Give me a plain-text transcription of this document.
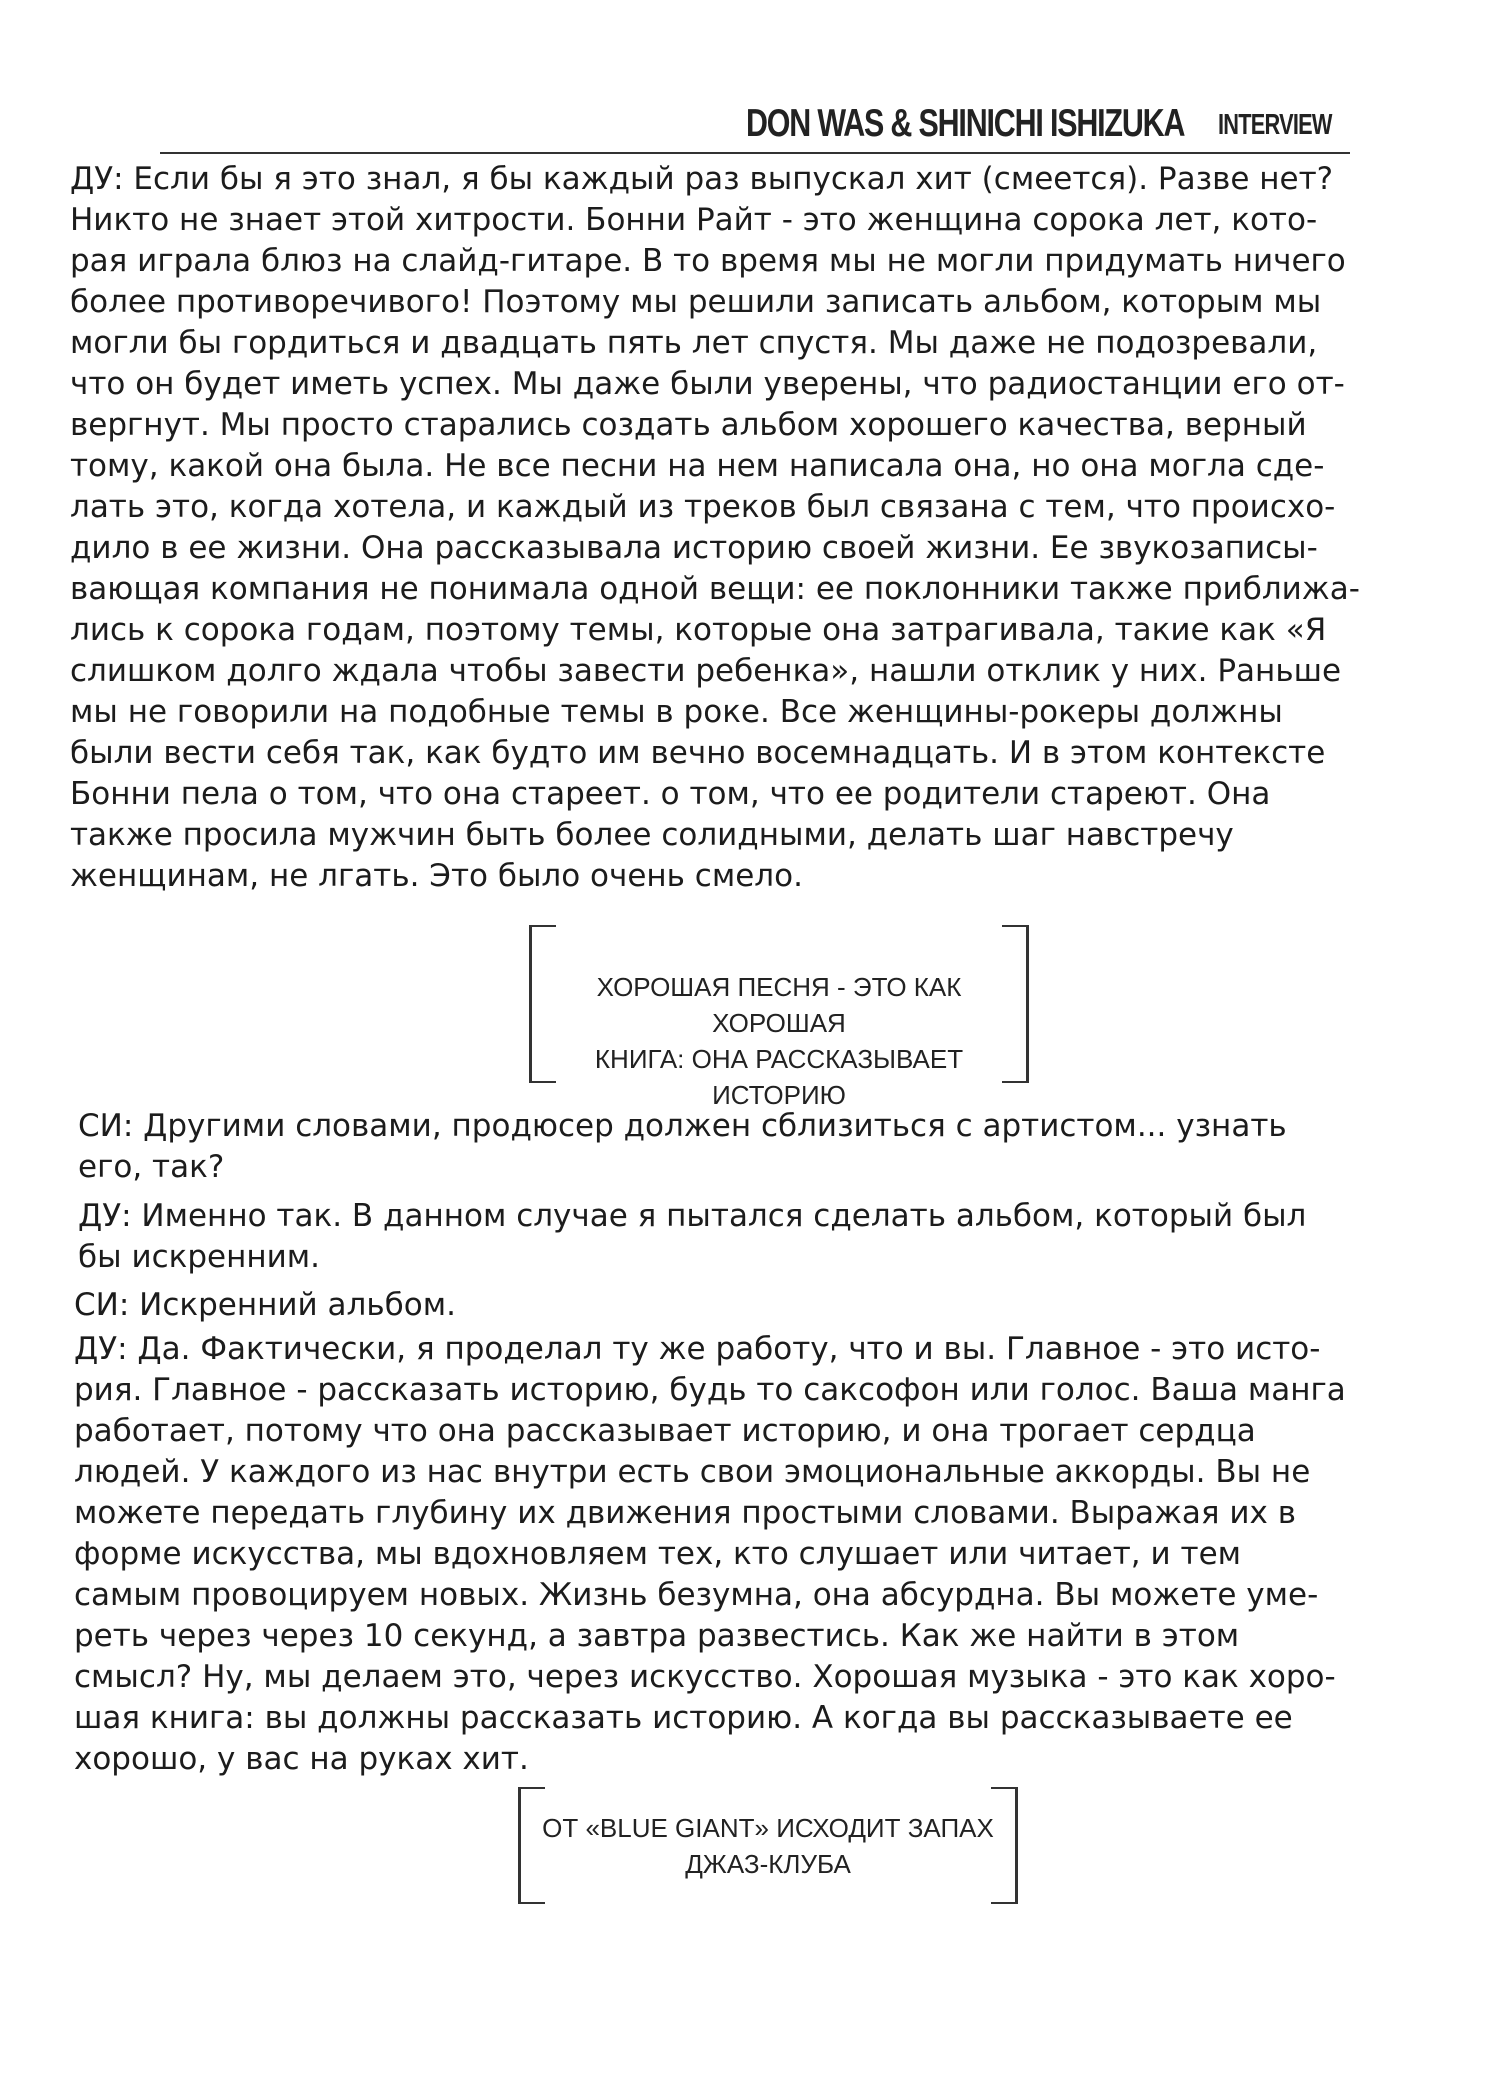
DON WAS & SHINICHI ISHIZUKA INTERVIEW

ДУ: Если бы я это знал, я бы каждый раз выпускал хит (смеется). Разве нет?
Никто не знает этой хитрости. Бонни Райт - это женщина сорока лет, кото-
рая играла блюз на слайд-гитаре. В то время мы не могли придумать ничего
более противоречивого! Поэтому мы решили записать альбом, которым мы
могли бы гордиться и двадцать пять лет спустя. Мы даже не подозревали,
что он будет иметь успех. Мы даже были уверены, что радиостанции его от-
вергнут. Мы просто старались создать альбом хорошего качества, верный
тому, какой она была. Не все песни на нем написала она, но она могла сде-
лать это, когда хотела, и каждый из треков был связана с тем, что происхо-
дило в ее жизни. Она рассказывала историю своей жизни. Ее звукозаписы-
вающая компания не понимала одной вещи: ее поклонники также приближа-
лись к сорока годам, поэтому темы, которые она затрагивала, такие как «Я
слишком долго ждала чтобы завести ребенка», нашли отклик у них. Раньше
мы не говорили на подобные темы в роке. Все женщины-рокеры должны
были вести себя так, как будто им вечно восемнадцать. И в этом контексте
Бонни пела о том, что она стареет. о том, что ее родители стареют. Она
также просила мужчин быть более солидными, делать шаг навстречу
женщинам, не лгать. Это было очень смело.

ХОРОШАЯ ПЕСНЯ - ЭТО КАК ХОРОШАЯ
КНИГА: ОНА РАССКАЗЫВАЕТ ИСТОРИЮ

СИ: Другими словами, продюсер должен сблизиться с артистом... узнать
его, так?

ДУ: Именно так. В данном случае я пытался сделать альбом, который был
бы искренним.

СИ: Искренний альбом.

ДУ: Да. Фактически, я проделал ту же работу, что и вы. Главное - это исто-
рия. Главное - рассказать историю, будь то саксофон или голос. Ваша манга
работает, потому что она рассказывает историю, и она трогает сердца
людей. У каждого из нас внутри есть свои эмоциональные аккорды. Вы не
можете передать глубину их движения простыми словами. Выражая их в
форме искусства, мы вдохновляем тех, кто слушает или читает, и тем
самым провоцируем новых. Жизнь безумна, она абсурдна. Вы можете уме-
реть через через 10 секунд, а завтра развестись. Как же найти в этом
смысл? Ну, мы делаем это, через искусство. Хорошая музыка - это как хоро-
шая книга: вы должны рассказать историю. А когда вы рассказываете ее
хорошо, у вас на руках хит.

ОТ «BLUE GIANT» ИСХОДИТ ЗАПАХ
ДЖАЗ-КЛУБА
